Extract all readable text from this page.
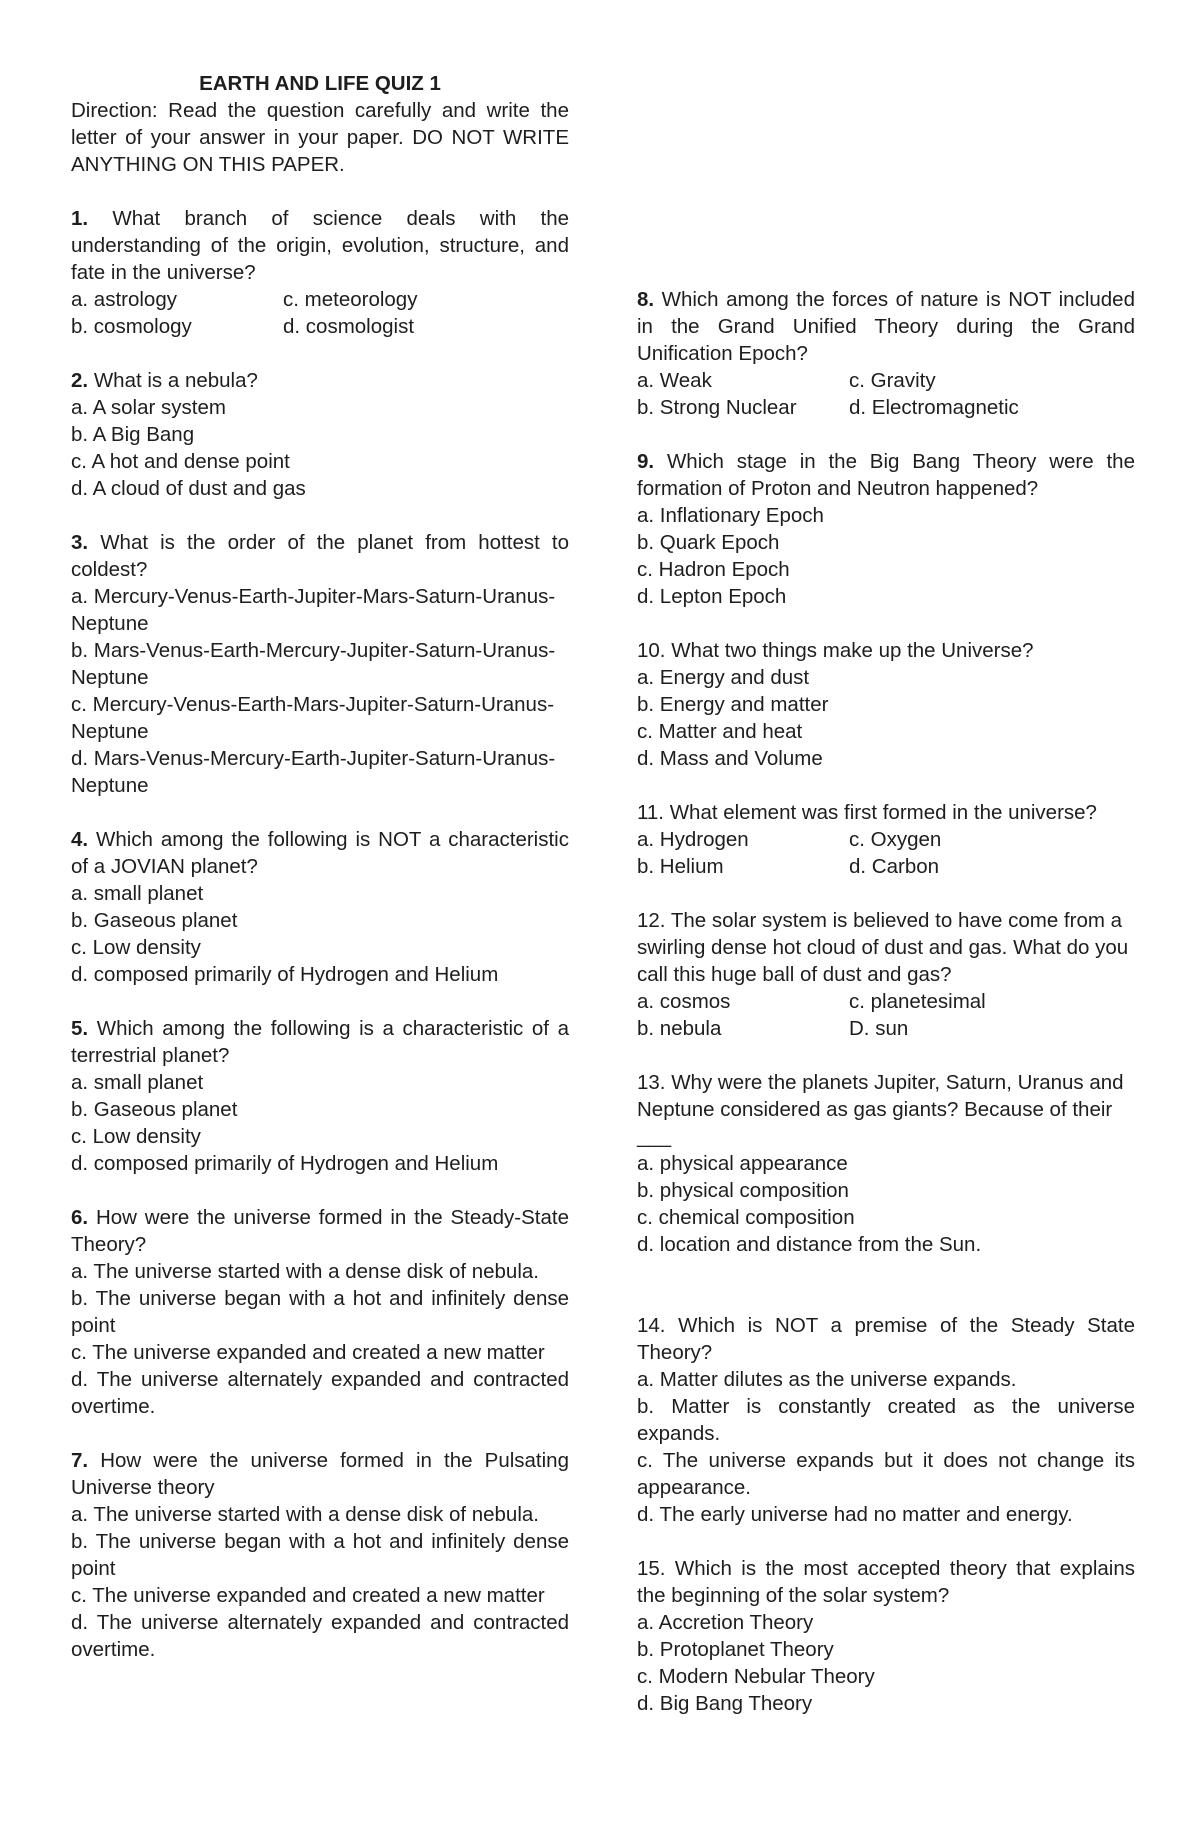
EARTH AND LIFE QUIZ 1

Direction: Read the question carefully and write the letter of your answer in your paper. DO NOT WRITE ANYTHING ON THIS PAPER.

1. What branch of science deals with the understanding of the origin, evolution, structure, and fate in the universe?

a. astrology	c. meteorology
b. cosmology	d. cosmologist

2. What is a nebula?

a. A solar system
b. A Big Bang
c. A hot and dense point
d. A cloud of dust and gas

3. What is the order of the planet from hottest to coldest?

a. Mercury-Venus-Earth-Jupiter-Mars-Saturn-Uranus-Neptune
b. Mars-Venus-Earth-Mercury-Jupiter-Saturn-Uranus-Neptune
c. Mercury-Venus-Earth-Mars-Jupiter-Saturn-Uranus-Neptune
d. Mars-Venus-Mercury-Earth-Jupiter-Saturn-Uranus-Neptune

4. Which among the following is NOT a characteristic of a JOVIAN planet?

a. small planet
b. Gaseous planet
c. Low density
d. composed primarily of Hydrogen and Helium

5. Which among the following is a characteristic of a terrestrial planet?

a. small planet
b. Gaseous planet
c. Low density
d. composed primarily of Hydrogen and Helium

6. How were the universe formed in the Steady-State Theory?

a. The universe started with a dense disk of nebula.
b. The universe began with a hot and infinitely dense point
c. The universe expanded and created a new matter
d. The universe alternately expanded and contracted overtime.

7. How were the universe formed in the Pulsating Universe theory

a. The universe started with a dense disk of nebula.
b. The universe began with a hot and infinitely dense point
c. The universe expanded and created a new matter
d. The universe alternately expanded and contracted overtime.

8. Which among the forces of nature is NOT included in the Grand Unified Theory during the Grand Unification Epoch?

a. Weak	c. Gravity
b. Strong Nuclear	d. Electromagnetic

9. Which stage in the Big Bang Theory were the formation of Proton and Neutron happened?

a. Inflationary Epoch
b. Quark Epoch
c. Hadron Epoch
d. Lepton Epoch

10. What two things make up the Universe?

a. Energy and dust
b. Energy and matter
c. Matter and heat
d. Mass and Volume

11. What element was first formed in the universe?

a. Hydrogen	c. Oxygen
b. Helium	d. Carbon

12. The solar system is believed to have come from a swirling dense hot cloud of dust and gas. What do you call this huge ball of dust and gas?

a. cosmos	c. planetesimal
b. nebula	D. sun

13. Why were the planets Jupiter, Saturn, Uranus and Neptune considered as gas giants? Because of their ___

a. physical appearance
b. physical composition
c. chemical composition
d. location and distance from the Sun.

14. Which is NOT a premise of the Steady State Theory?

a. Matter dilutes as the universe expands.
b. Matter is constantly created as the universe expands.
c. The universe expands but it does not change its appearance.
d. The early universe had no matter and energy.

15. Which is the most accepted theory that explains the beginning of the solar system?

a. Accretion Theory
b. Protoplanet Theory
c. Modern Nebular Theory
d. Big Bang Theory
